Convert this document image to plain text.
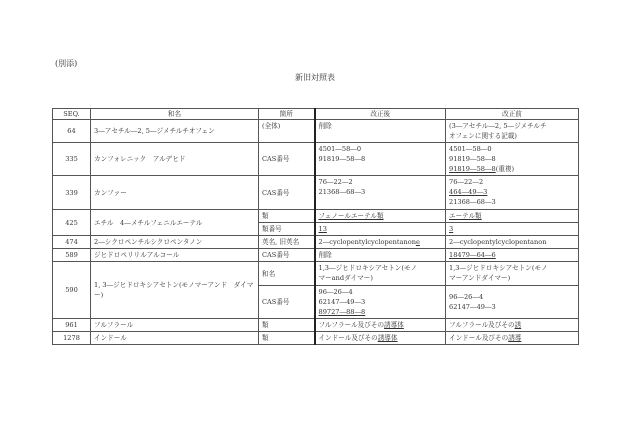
(別添)
新旧対照表
SEQ.	和名	箇所	改正後	改正前
64	3―アセチル―2, 5―ジメチルチオフェン	(全体)	削除	(3―アセチル―2, 5―ジメチルチ
オフェンに関する記載)

335	カンフォレニック　アルデヒド	CAS番号	4501―58―0
91819―58―8	4501―58―0
91819―58―8
91819―58―8(重複)

339	カンファー	CAS番号	76―22―2
21368―68―3	76―22―2
464―49―3
21368―68―3

425	エチル　4―メチルフェニルエーテル	類	フェノールエーテル類	エーテル類

		類番号	13	3

474	2―シクロペンチルシクロペンタノン	英名, 旧英名	2―cyclopentylcyclopentanone	2―cyclopentylcyclopentanon

589	ジヒドロペリリルアルコール	CAS番号	削除	18479―64―6

590	1, 3―ジヒドロキシアセトン(モノマーアンド　ダイマー)	和名	1,3―ジヒドロキシアセトン(モノ
マーandダイマー)	1,3―ジヒドロキシアセトン(モノ
マーアンドダイマー)

		CAS番号	96―26―4
62147―49―3
89727―88―8	96―26―4
62147―49―3

961	フルフラール	類	フルフラール及びその誘導体	フルフラール及びその誘

1278	インドール	類	インドール及びその誘導体	インドール及びその誘導
